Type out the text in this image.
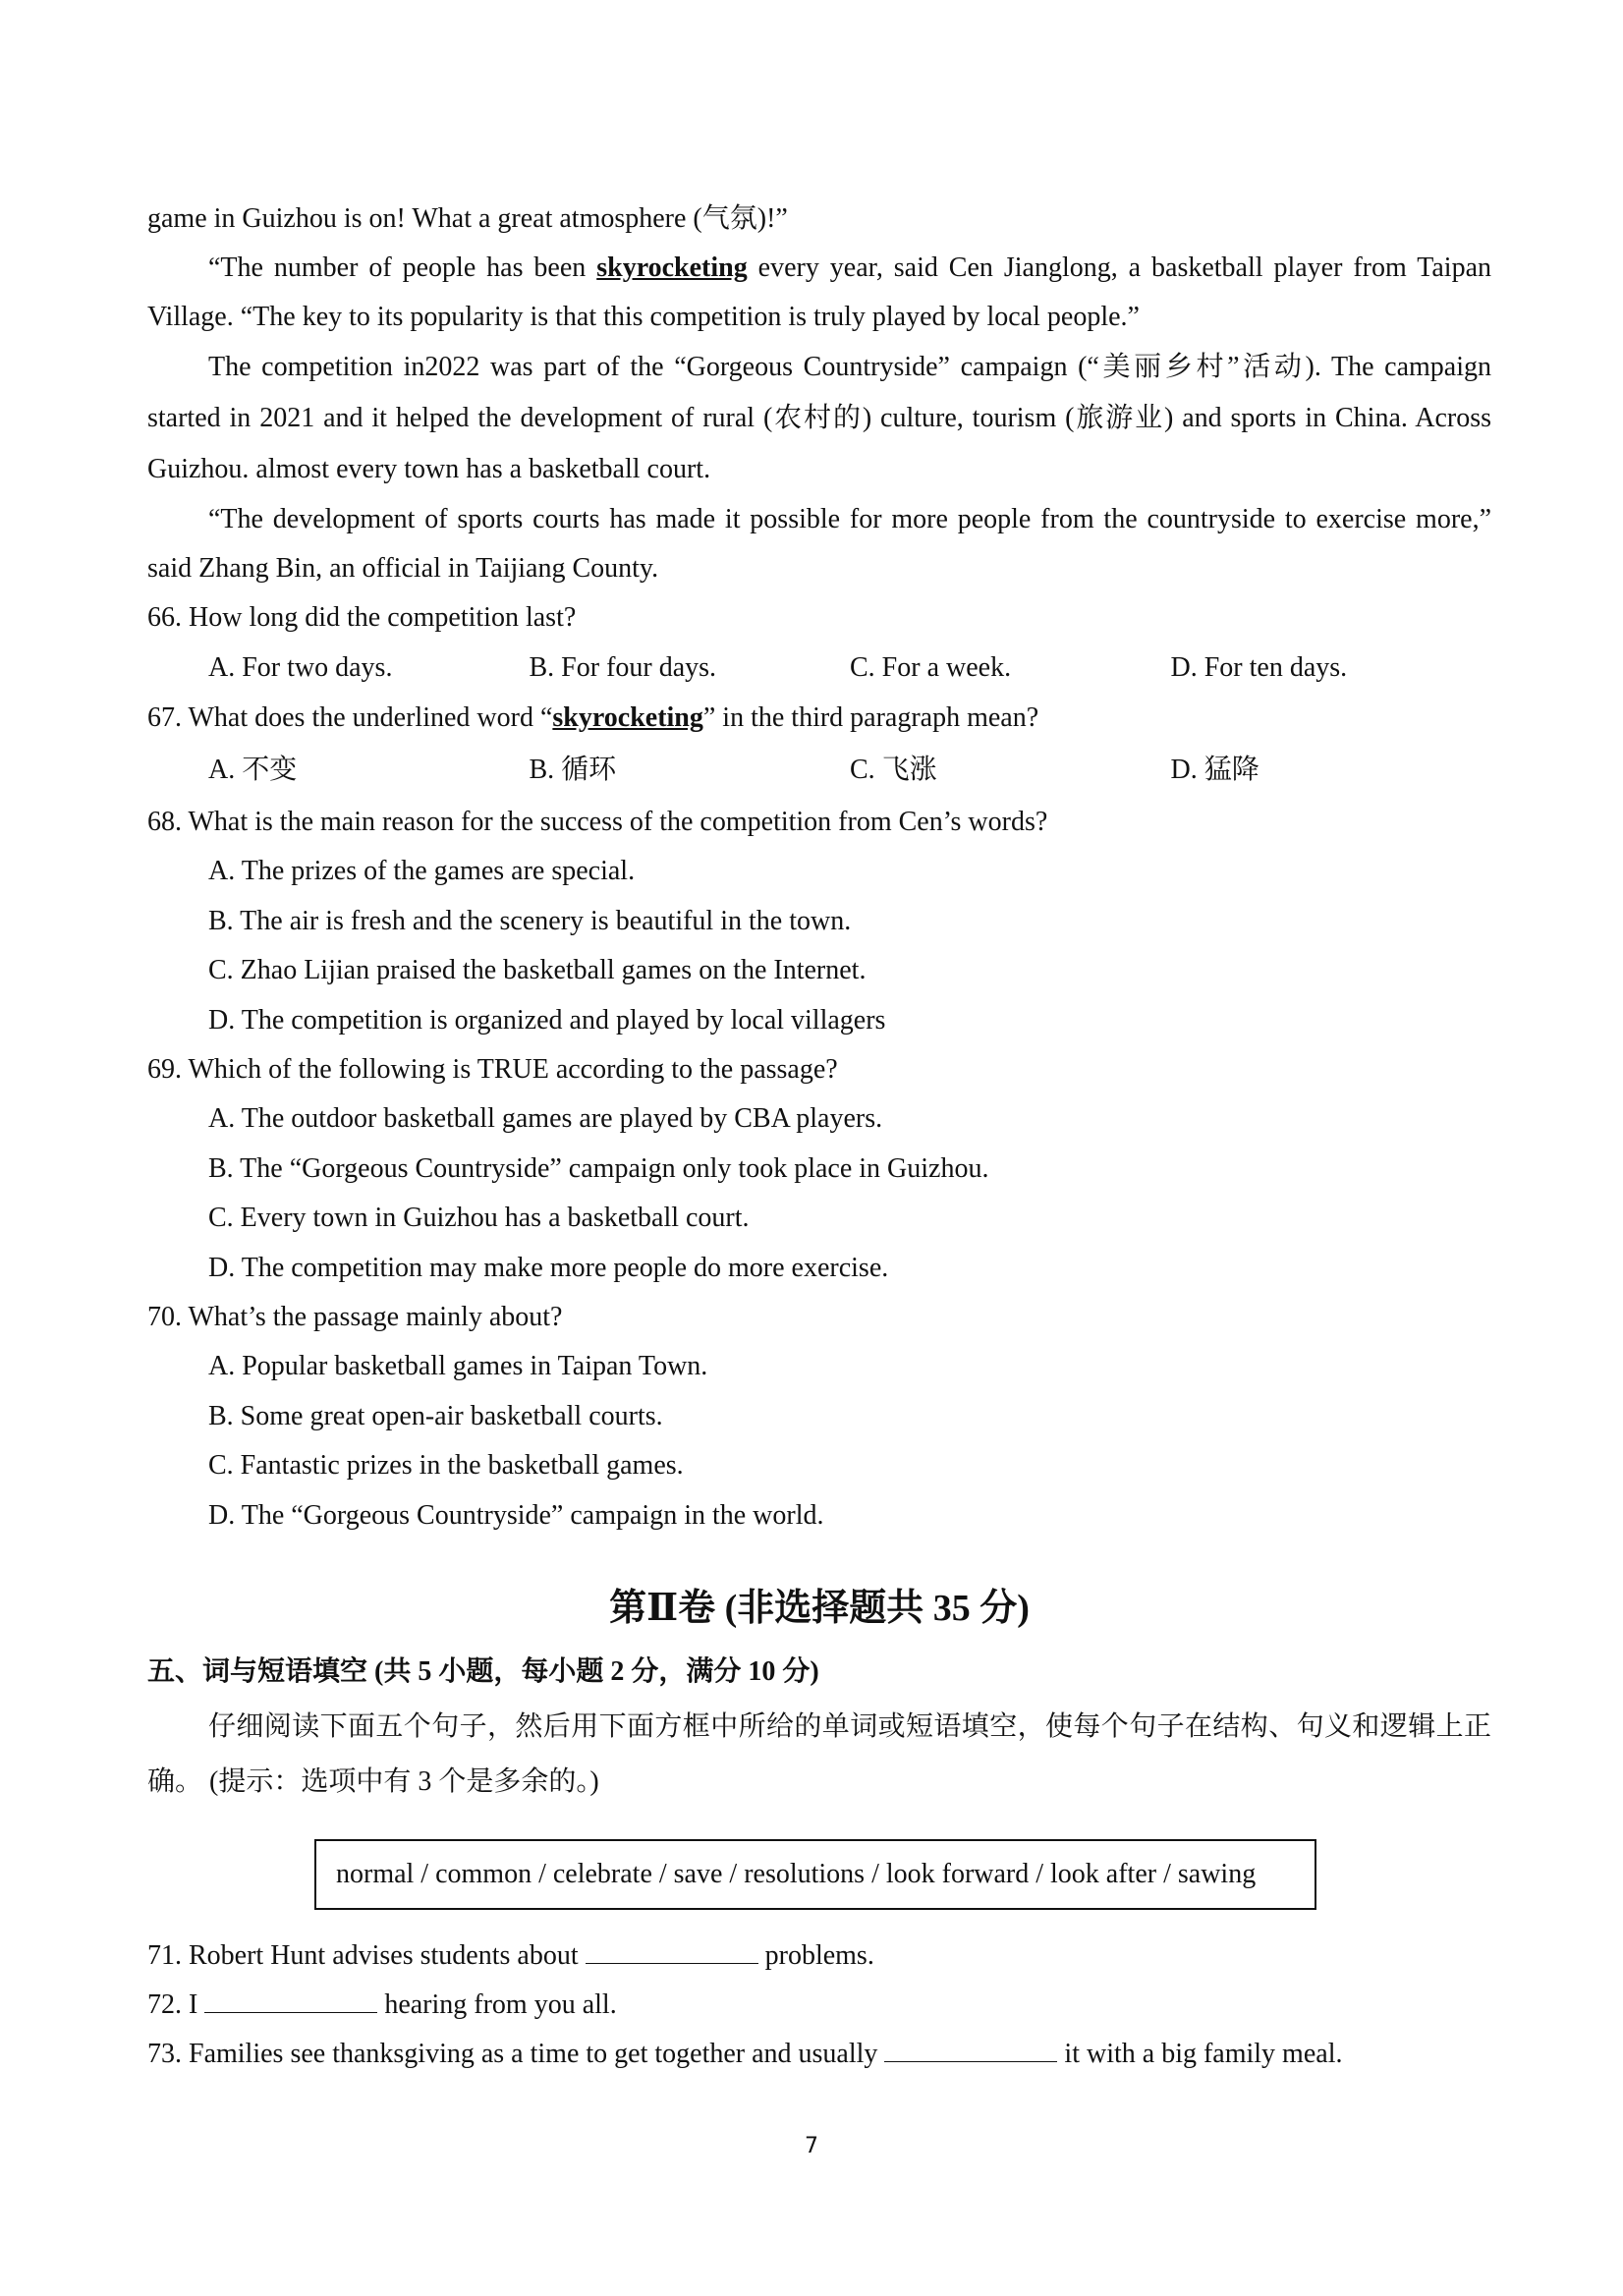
game in Guizhou is on! What a great atmosphere (气氛)!”

“The number of people has been skyrocketing every year, said Cen Jianglong, a basketball player from Taipan Village. “The key to its popularity is that this competition is truly played by local people.”

The competition in2022 was part of the “Gorgeous Countryside” campaign (“美丽乡村”活动). The campaign started in 2021 and it helped the development of rural (农村的) culture, tourism (旅游业) and sports in China. Across Guizhou. almost every town has a basketball court.

“The development of sports courts has made it possible for more people from the countryside to exercise more,” said Zhang Bin, an official in Taijiang County.

66. How long did the competition last?
A. For two days.	B. For four days.	C. For a week.	D. For ten days.
67. What does the underlined word “skyrocketing” in the third paragraph mean?
A. 不变	B. 循环	C. 飞涨	D. 猛降
68. What is the main reason for the success of the competition from Cen’s words?
A. The prizes of the games are special.
B. The air is fresh and the scenery is beautiful in the town.
C. Zhao Lijian praised the basketball games on the Internet.
D. The competition is organized and played by local villagers
69. Which of the following is TRUE according to the passage?
A. The outdoor basketball games are played by CBA players.
B. The “Gorgeous Countryside” campaign only took place in Guizhou.
C. Every town in Guizhou has a basketball court.
D. The competition may make more people do more exercise.
70. What’s the passage mainly about?
A. Popular basketball games in Taipan Town.
B. Some great open-air basketball courts.
C. Fantastic prizes in the basketball games.
D. The “Gorgeous Countryside” campaign in the world.
第Ⅱ卷 (非选择题共 35 分)
五、词与短语填空 (共 5 小题，每小题 2 分，满分 10 分)

仔细阅读下面五个句子，然后用下面方框中所给的单词或短语填空，使每个句子在结构、句义和逻辑上正确。 (提示：选项中有 3 个是多余的。)

normal / common / celebrate / save / resolutions / look forward / look after / sawing
71. Robert Hunt advises students about	problems.
72. I	hearing from you all.
73. Families see thanksgiving as a time to get together and usually	it with a big family meal.
7
